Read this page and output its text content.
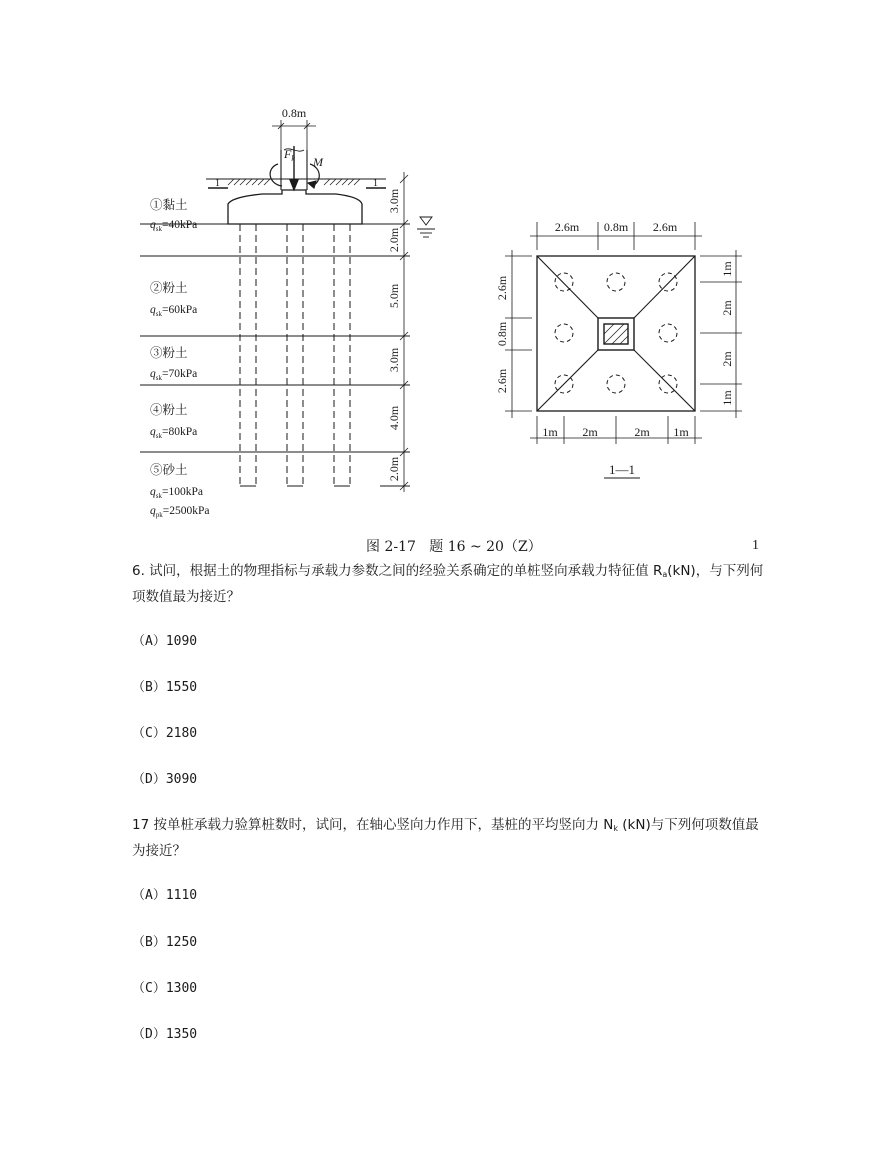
0.8m
$F_k$ M
1	1
①黏土
$q_{sk}=40kPa$
②粉土
$q_{sk}=60kPa$
③粉土
$q_{sk}=70kPa$
④粉土
$q_{sk}=80kPa$
⑤砂土
$q_{sk}=100kPa$
$q_{pk}=2500kPa$
3.0m
2.0m
5.0m
3.0m
4.0m
2.0m
2.6m 0.8m 2.6m
2.6m
0.8m
2.6m
1m
2m
2m
1m
1m 2m	2m 1m
1—1
图 2-17   题 16 ~ 20（Z）	1
6. 试问，根据土的物理指标与承载力参数之间的经验关系确定的单桩竖向承载力特征值 $R_a(kN)$，与下列何项数值最为接近？
（A）1090
（B）1550
（C）2180
（D）3090
17 按单桩承载力验算桩数时，试问，在轴心竖向力作用下，基桩的平均竖向力 $N_k$ (kN)与下列何项数值最为接近？
（A）1110
（B）1250
（C）1300
（D）1350
